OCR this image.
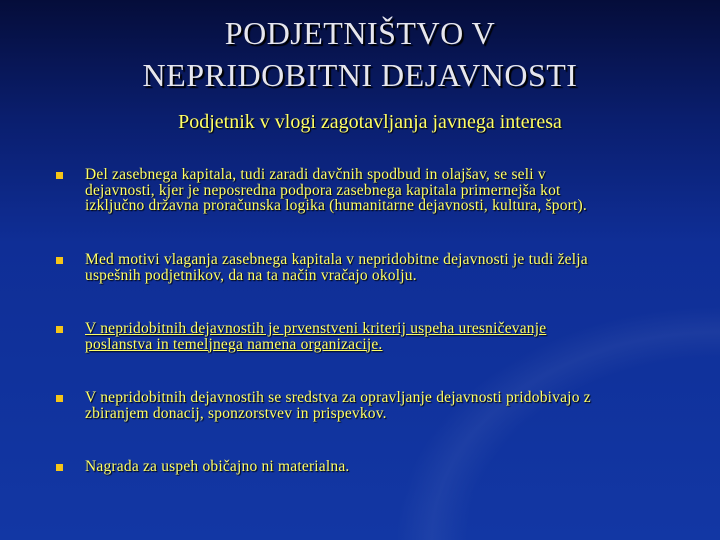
PODJETNIŠTVO V
NEPRIDOBITNI DEJAVNOSTI
Podjetnik v vlogi zagotavljanja javnega interesa
Del zasebnega kapitala, tudi zaradi davčnih spodbud in olajšav, se seli v
dejavnosti, kjer je neposredna podpora zasebnega kapitala primernejša kot
izključno državna proračunska logika (humanitarne dejavnosti, kultura, šport).
Med motivi vlaganja zasebnega kapitala v nepridobitne dejavnosti je tudi želja
uspešnih podjetnikov, da na ta način vračajo okolju.
V nepridobitnih dejavnostih je prvenstveni kriterij uspeha uresničevanje
poslanstva in temeljnega namena organizacije.
V nepridobitnih dejavnostih se sredstva za opravljanje dejavnosti pridobivajo z
zbiranjem donacij, sponzorstvev in prispevkov.
Nagrada za uspeh običajno ni materialna.
